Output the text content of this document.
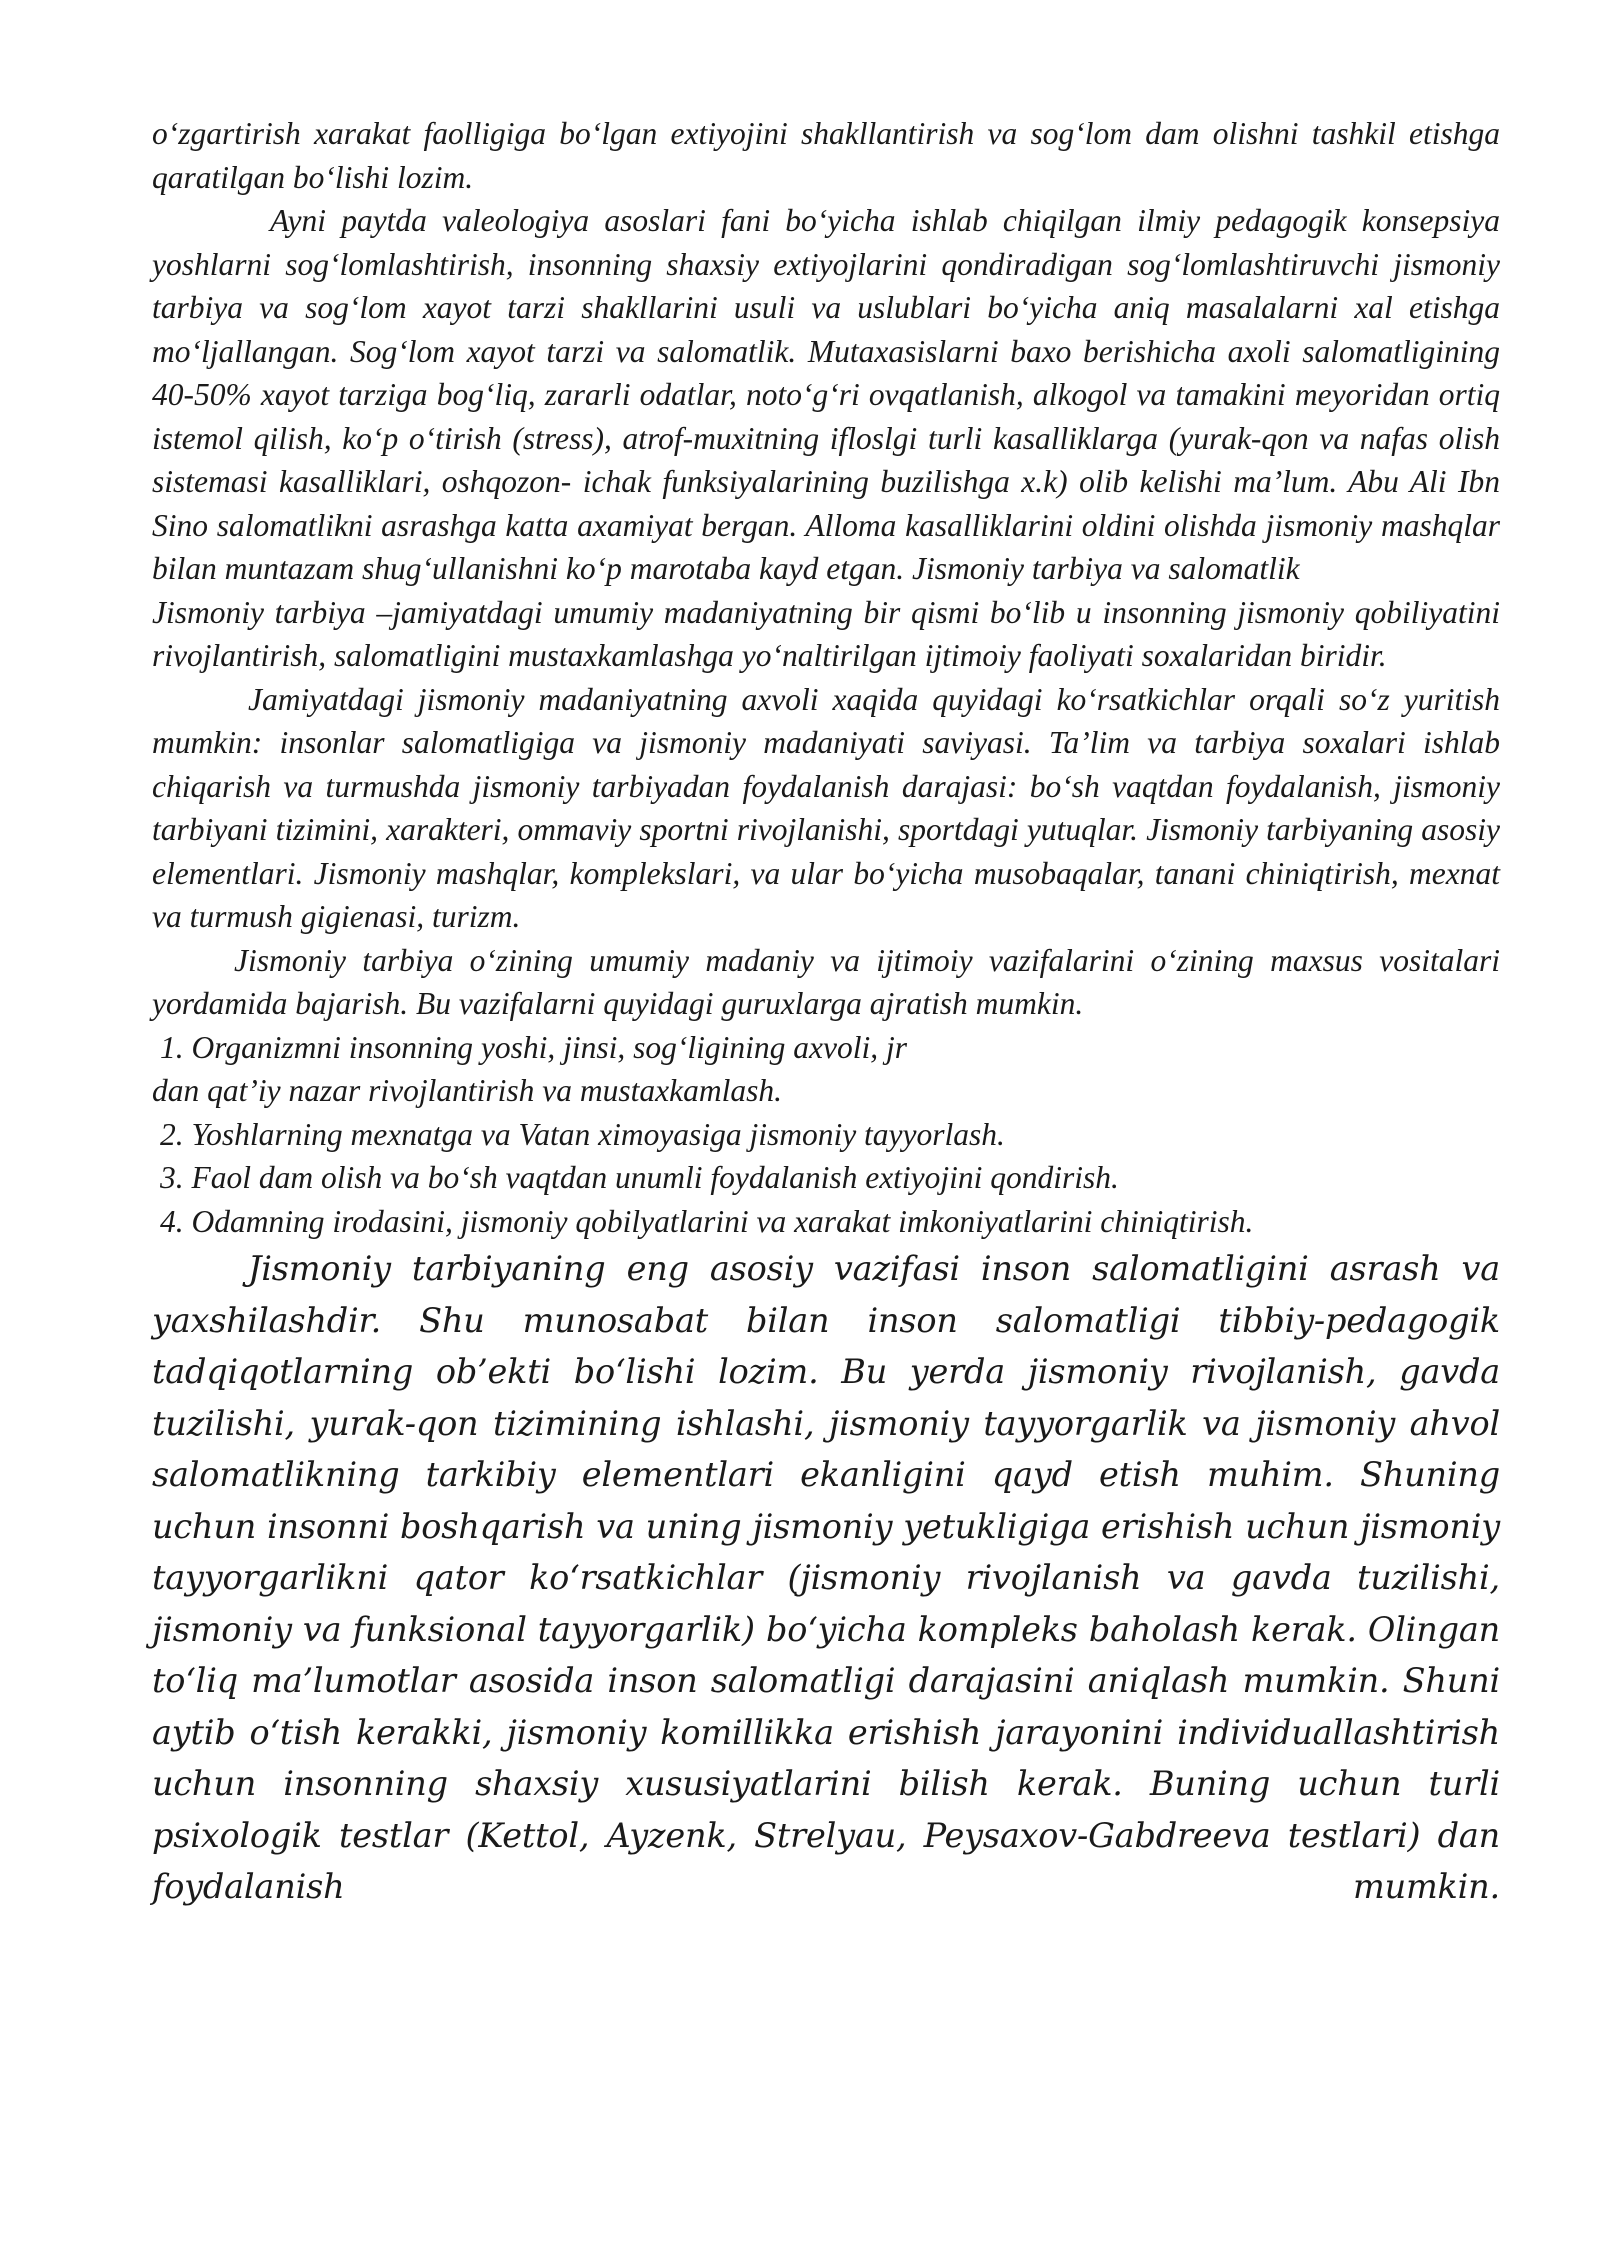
o‘zgartirish xarakat faolligiga bo‘lgan extiyojini shakllantirish va sog‘lom dam olishni tashkil etishga qaratilgan bo‘lishi lozim.

Ayni paytda valeologiya asoslari fani bo‘yicha ishlab chiqilgan ilmiy pedagogik konsepsiya yoshlarni sog‘lomlashtirish, insonning shaxsiy extiyojlarini qondiradigan sog‘lomlashtiruvchi jismoniy tarbiya va sog‘lom xayot tarzi shakllarini usuli va uslublari bo‘yicha aniq masalalarni xal etishga mo‘ljallangan. Sog‘lom xayot tarzi va salomatlik. Mutaxasislarni baxo berishicha axoli salomatligining 40-50% xayot tarziga bog‘liq, zararli odatlar, noto‘g‘ri ovqatlanish, alkogol va tamakini meyoridan ortiq istemol qilish, ko‘p o‘tirish (stress), atrof-muxitning ifloslgi turli kasalliklarga (yurak-qon va nafas olish sistemasi kasalliklari, oshqozon- ichak funksiyalarining buzilishga x.k) olib kelishi ma’lum. Abu Ali Ibn Sino salomatlikni asrashga katta axamiyat bergan. Alloma kasalliklarini oldini olishda jismoniy mashqlar bilan muntazam shug‘ullanishni ko‘p marotaba kayd etgan. Jismoniy tarbiya va salomatlik

Jismoniy tarbiya –jamiyatdagi umumiy madaniyatning bir qismi bo‘lib u insonning jismoniy qobiliyatini rivojlantirish, salomatligini mustaxkamlashga yo‘naltirilgan ijtimoiy faoliyati soxalaridan biridir.

Jamiyatdagi jismoniy madaniyatning axvoli xaqida quyidagi ko‘rsatkichlar orqali so‘z yuritish mumkin: insonlar salomatligiga va jismoniy madaniyati saviyasi. Ta’lim va tarbiya soxalari ishlab chiqarish va turmushda jismoniy tarbiyadan foydalanish darajasi: bo‘sh vaqtdan foydalanish, jismoniy tarbiyani tizimini, xarakteri, ommaviy sportni rivojlanishi, sportdagi yutuqlar. Jismoniy tarbiyaning asosiy elementlari. Jismoniy mashqlar, komplekslari, va ular bo‘yicha musobaqalar, tanani chiniqtirish, mexnat va turmush gigienasi, turizm.

Jismoniy tarbiya o‘zining umumiy madaniy va ijtimoiy vazifalarini o‘zining maxsus vositalari yordamida bajarish. Bu vazifalarni quyidagi guruxlarga ajratish mumkin.

1. Organizmni insonning yoshi, jinsi, sog‘ligining axvoli, jr
dan qat’iy nazar rivojlantirish va mustaxkamlash.
2. Yoshlarning mexnatga va Vatan ximoyasiga jismoniy tayyorlash.
3. Faol dam olish va bo‘sh vaqtdan unumli foydalanish extiyojini qondirish.
4. Odamning irodasini, jismoniy qobilyatlarini va xarakat imkoniyatlarini chiniqtirish.

Jismoniy tarbiyaning eng asosiy vazifasi inson salomatligini asrash va yaxshilashdir. Shu munosabat bilan inson salomatligi tibbiy-pedagogik tadqiqotlarning ob’ekti bo‘lishi lozim. Bu yerda jismoniy rivojlanish, gavda tuzilishi, yurak-qon tizimining ishlashi, jismoniy tayyorgarlik va jismoniy ahvol salomatlikning tarkibiy elementlari ekanligini qayd etish muhim. Shuning uchun insonni boshqarish va uning jismoniy yetukligiga erishish uchun jismoniy tayyorgarlikni qator ko‘rsatkichlar (jismoniy rivojlanish va gavda tuzilishi, jismoniy va funksional tayyorgarlik) bo‘yicha kompleks baholash kerak. Olingan to‘liq ma’lumotlar asosida inson salomatligi darajasini aniqlash mumkin. Shuni aytib o‘tish kerakki, jismoniy komillikka erishish jarayonini individuallashtirish uchun insonning shaxsiy xususiyatlarini bilish kerak. Buning uchun turli psixologik testlar (Kettol, Ayzenk, Strelyau, Peysaxov-Gabdreeva testlari) dan foydalanish mumkin.
